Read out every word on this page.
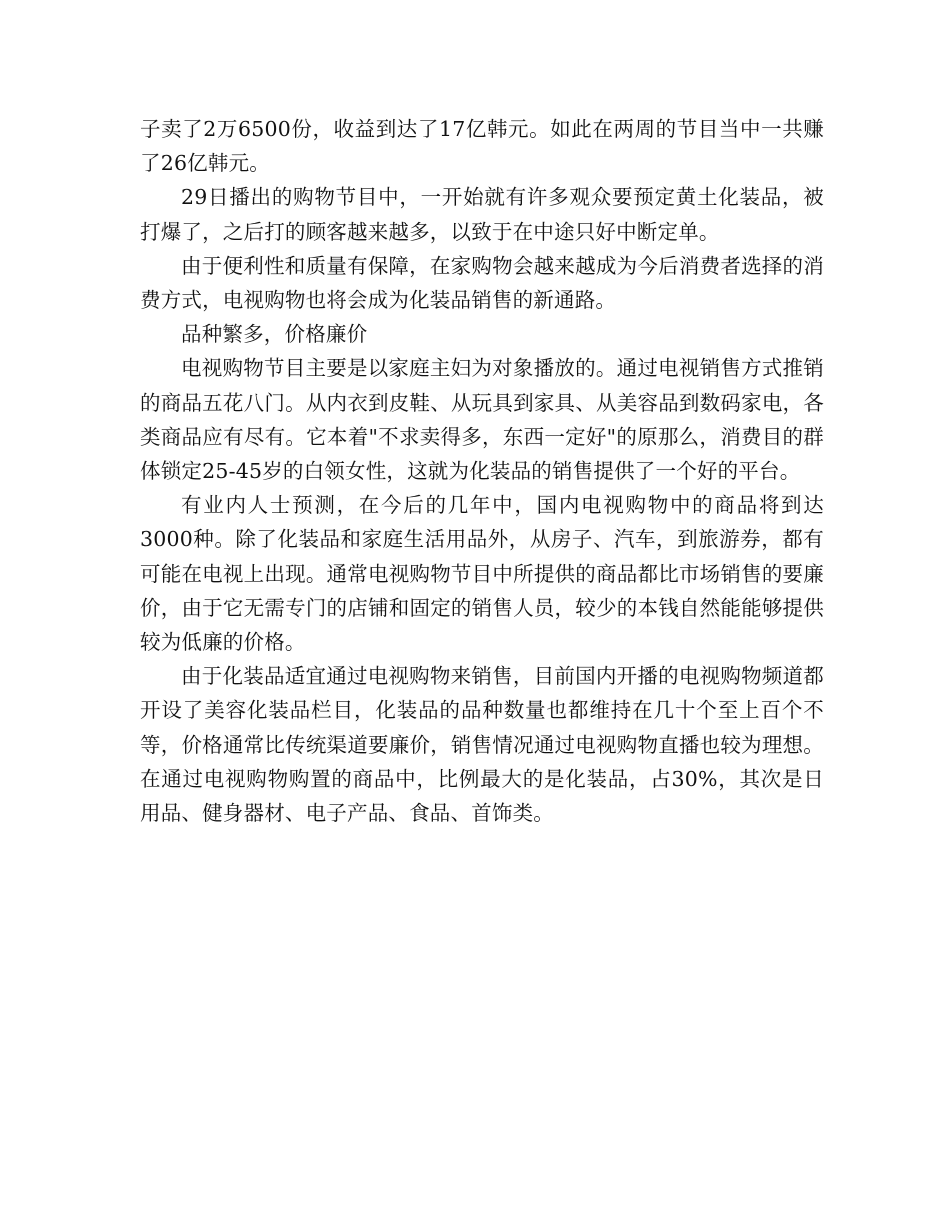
子卖了2万6500份，收益到达了17亿韩元。如此在两周的节目当中一共赚了26亿韩元。

29日播出的购物节目中，一开始就有许多观众要预定黄土化装品，被打爆了，之后打的顾客越来越多，以致于在中途只好中断定单。

由于便利性和质量有保障，在家购物会越来越成为今后消费者选择的消费方式，电视购物也将会成为化装品销售的新通路。

品种繁多，价格廉价

电视购物节目主要是以家庭主妇为对象播放的。通过电视销售方式推销的商品五花八门。从内衣到皮鞋、从玩具到家具、从美容品到数码家电，各类商品应有尽有。它本着"不求卖得多，东西一定好"的原那么，消费目的群体锁定25-45岁的白领女性，这就为化装品的销售提供了一个好的平台。

有业内人士预测，在今后的几年中，国内电视购物中的商品将到达3000种。除了化装品和家庭生活用品外，从房子、汽车，到旅游券，都有可能在电视上出现。通常电视购物节目中所提供的商品都比市场销售的要廉价，由于它无需专门的店铺和固定的销售人员，较少的本钱自然能能够提供较为低廉的价格。

由于化装品适宜通过电视购物来销售，目前国内开播的电视购物频道都开设了美容化装品栏目，化装品的品种数量也都维持在几十个至上百个不等，价格通常比传统渠道要廉价，销售情况通过电视购物直播也较为理想。在通过电视购物购置的商品中，比例最大的是化装品，占30%，其次是日用品、健身器材、电子产品、食品、首饰类。
